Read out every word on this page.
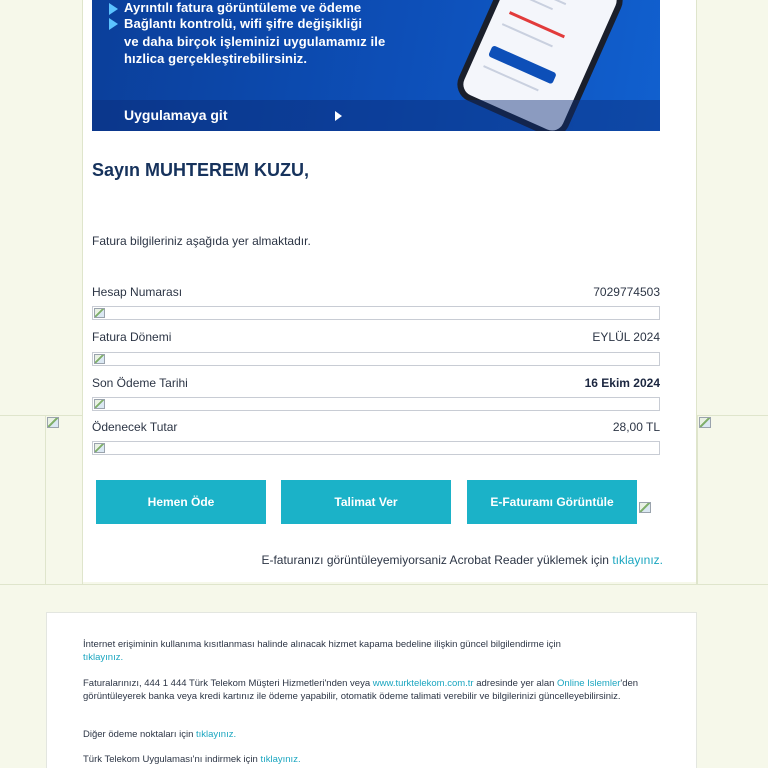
Ayrıntılı fatura görüntüleme ve ödeme
Bağlantı kontrolü, wifi şifre değişikliği
ve daha birçok işleminizi uygulamamız ile
hızlica gerçekleştirebilirsiniz.
Uygulamaya git
Sayın MUHTEREM KUZU,
Fatura bilgileriniz aşağıda yer almaktadır.
Hesap Numarası	7029774503
Fatura Dönemi	EYLÜL 2024
Son Ödeme Tarihi	16 Ekim 2024
Ödenecek Tutar	28,00 TL
Hemen Öde	Talimat Ver	E-Faturamı Görüntüle
E-faturanızı görüntüleyemiyorsaniz Acrobat Reader yüklemek için tıklayınız.

İnternet erişiminin kullanıma kısıtlanması halinde alınacak hizmet kapama bedeline ilişkin güncel bilgilendirme için
tıklayınız.

Faturalarınızı, 444 1 444 Türk Telekom Müşteri Hizmetleri'nden veya www.turktelekom.com.tr adresinde yer alan Online Islemler'den görüntüleyerek banka veya kredi kartınız ile ödeme yapabilir, otomatik ödeme talimati verebilir ve bilgilerinizi güncelleyebilirsiniz.

Diğer ödeme noktaları için tıklayınız.

Türk Telekom Uygulaması'nı indirmek için tıklayınız.
